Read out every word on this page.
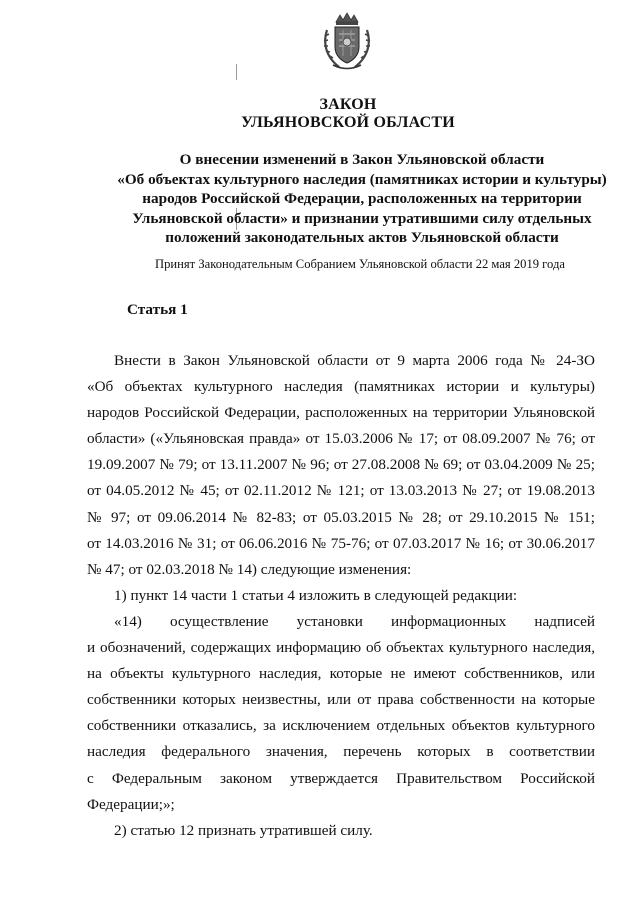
ЗАКОН
УЛЬЯНОВСКОЙ ОБЛАСТИ
О внесении изменений в Закон Ульяновской области
«Об объектах культурного наследия (памятниках истории и культуры)
народов Российской Федерации, расположенных на территории
Ульяновской области» и признании утратившими силу отдельных
положений законодательных актов Ульяновской области
Принят Законодательным Собранием Ульяновской области 22 мая 2019 года
Статья 1
Внести в Закон Ульяновской области от 9 марта 2006 года № 24-ЗО
«Об объектах культурного наследия (памятниках истории и культуры)
народов Российской Федерации, расположенных на территории Ульяновской
области» («Ульяновская правда» от 15.03.2006 № 17; от 08.09.2007 № 76; от
19.09.2007 № 79; от 13.11.2007 № 96; от 27.08.2008 № 69; от 03.04.2009 № 25;
от 04.05.2012 № 45; от 02.11.2012 № 121; от 13.03.2013 № 27; от 19.08.2013
№ 97; от 09.06.2014 № 82-83; от 05.03.2015 № 28; от 29.10.2015 № 151;
от 14.03.2016 № 31; от 06.06.2016 № 75-76; от 07.03.2017 № 16; от 30.06.2017
№ 47; от 02.03.2018 № 14) следующие изменения:
1) пункт 14 части 1 статьи 4 изложить в следующей редакции:
«14) осуществление установки информационных надписей
и обозначений, содержащих информацию об объектах культурного наследия,
на объекты культурного наследия, которые не имеют собственников, или
собственники которых неизвестны, или от права собственности на которые
собственники отказались, за исключением отдельных объектов культурного
наследия федерального значения, перечень которых в соответствии
с Федеральным законом утверждается Правительством Российской
Федерации;»;
2) статью 12 признать утратившей силу.
